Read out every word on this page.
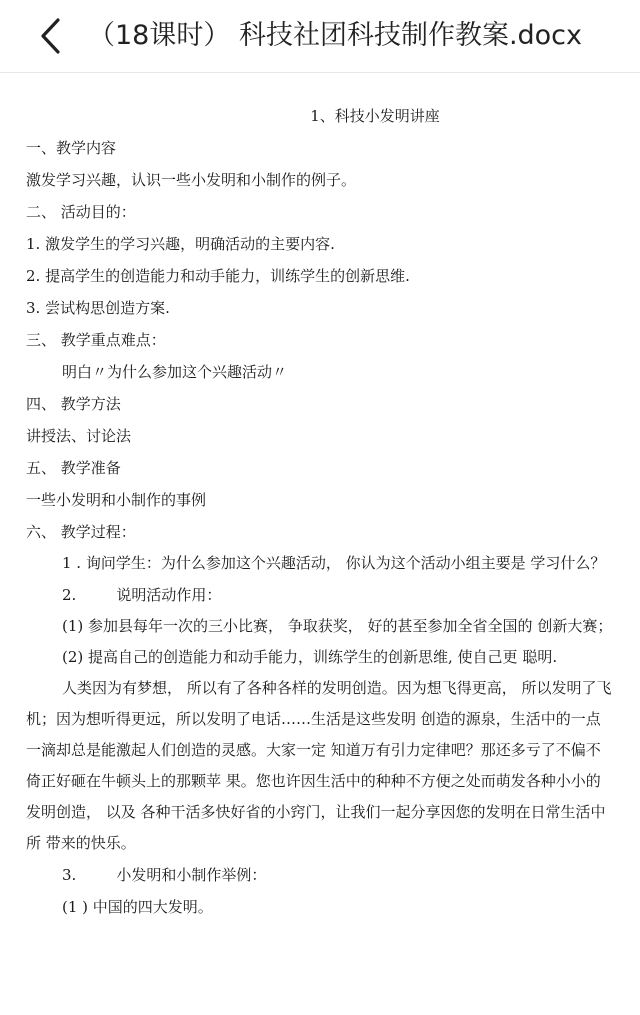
（18课时） 科技社团科技制作教案.docx
1、科技小发明讲座
一、教学内容
激发学习兴趣，认识一些小发明和小制作的例子。
二、 活动目的：
1. 激发学生的学习兴趣，明确活动的主要内容.
2. 提高学生的创造能力和动手能力，训练学生的创新思维.
3. 尝试构思创造方案.
三、 教学重点难点：
明白〃为什么参加这个兴趣活动〃
四、 教学方法
讲授法、讨论法
五、 教学准备
一些小发明和小制作的事例
六、 教学过程：
1 . 询问学生：为什么参加这个兴趣活动， 你认为这个活动小组主要是 学习什么？
2.	说明活动作用：
(1) 参加县每年一次的三小比赛， 争取获奖， 好的甚至参加全省全国的 创新大赛；
(2) 提高自己的创造能力和动手能力，训练学生的创新思维, 使自己更 聪明.
人类因为有梦想， 所以有了各种各样的发明创造。因为想飞得更高， 所以发明了飞机；因为想听得更远，所以发明了电话……生活是这些发明 创造的源泉，生活中的一点一滴却总是能激起人们创造的灵感。大家一定 知道万有引力定律吧？那还多亏了不偏不倚正好砸在牛顿头上的那颗苹 果。您也许因生活中的种种不方便之处而萌发各种小小的发明创造， 以及 各种干活多快好省的小窍门，让我们一起分享因您的发明在日常生活中所 带来的快乐。
3.	小发明和小制作举例：
(1 ) 中国的四大发明。
